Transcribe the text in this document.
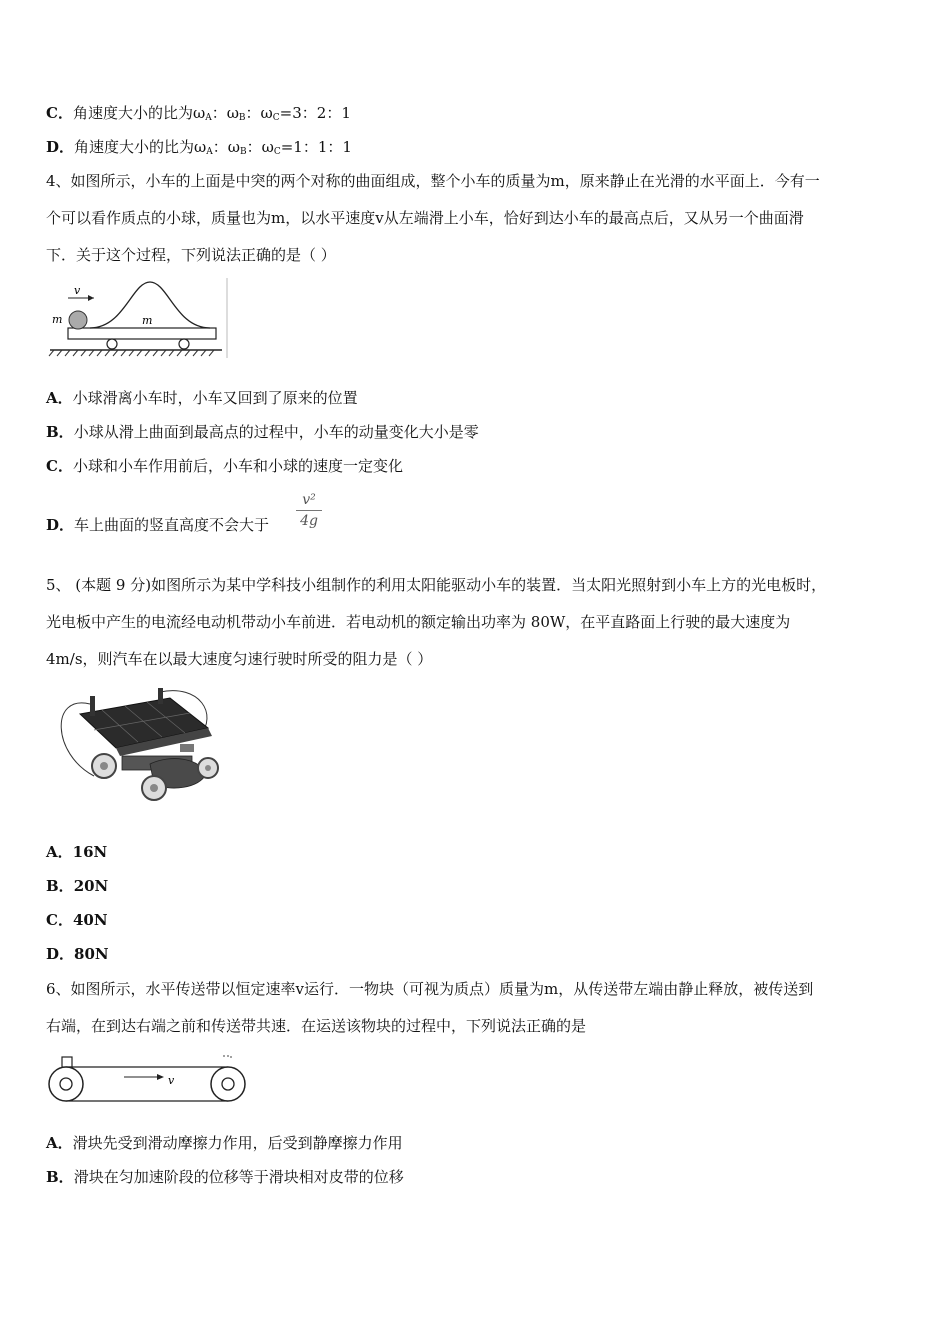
C．角速度大小的比为$\omega_A$：$\omega_B$：$\omega_C=3$：2：1
D．角速度大小的比为$\omega_A$：$\omega_B$：$\omega_C=1$：1：1
4、如图所示，小车的上面是中突的两个对称的曲面组成，整个小车的质量为m，原来静止在光滑的水平面上．今有一
个可以看作质点的小球，质量也为m，以水平速度v从左端滑上小车，恰好到达小车的最高点后，又从另一个曲面滑
下．关于这个过程，下列说法正确的是（ ）
v
m	m
A．小球滑离小车时，小车又回到了原来的位置
B．小球从滑上曲面到最高点的过程中，小车的动量变化大小是零
C．小球和小车作用前后，小车和小球的速度一定变化
D．车上曲面的竖直高度不会大于 $\frac{\text{v²}}{4g}$
5、 (本题 9 分)如图所示为某中学科技小组制作的利用太阳能驱动小车的装置．当太阳光照射到小车上方的光电板时，
光电板中产生的电流经电动机带动小车前进．若电动机的额定输出功率为 80W，在平直路面上行驶的最大速度为
4m/s，则汽车在以最大速度匀速行驶时所受的阻力是（ ）
A．16N
B．20N
C．40N
D．80N
6、如图所示，水平传送带以恒定速率v运行．一物块（可视为质点）质量为m，从传送带左端由静止释放，被传送到
右端，在到达右端之前和传送带共速．在运送该物块的过程中，下列说法正确的是
v
A．滑块先受到滑动摩擦力作用，后受到静摩擦力作用
B．滑块在匀加速阶段的位移等于滑块相对皮带的位移
